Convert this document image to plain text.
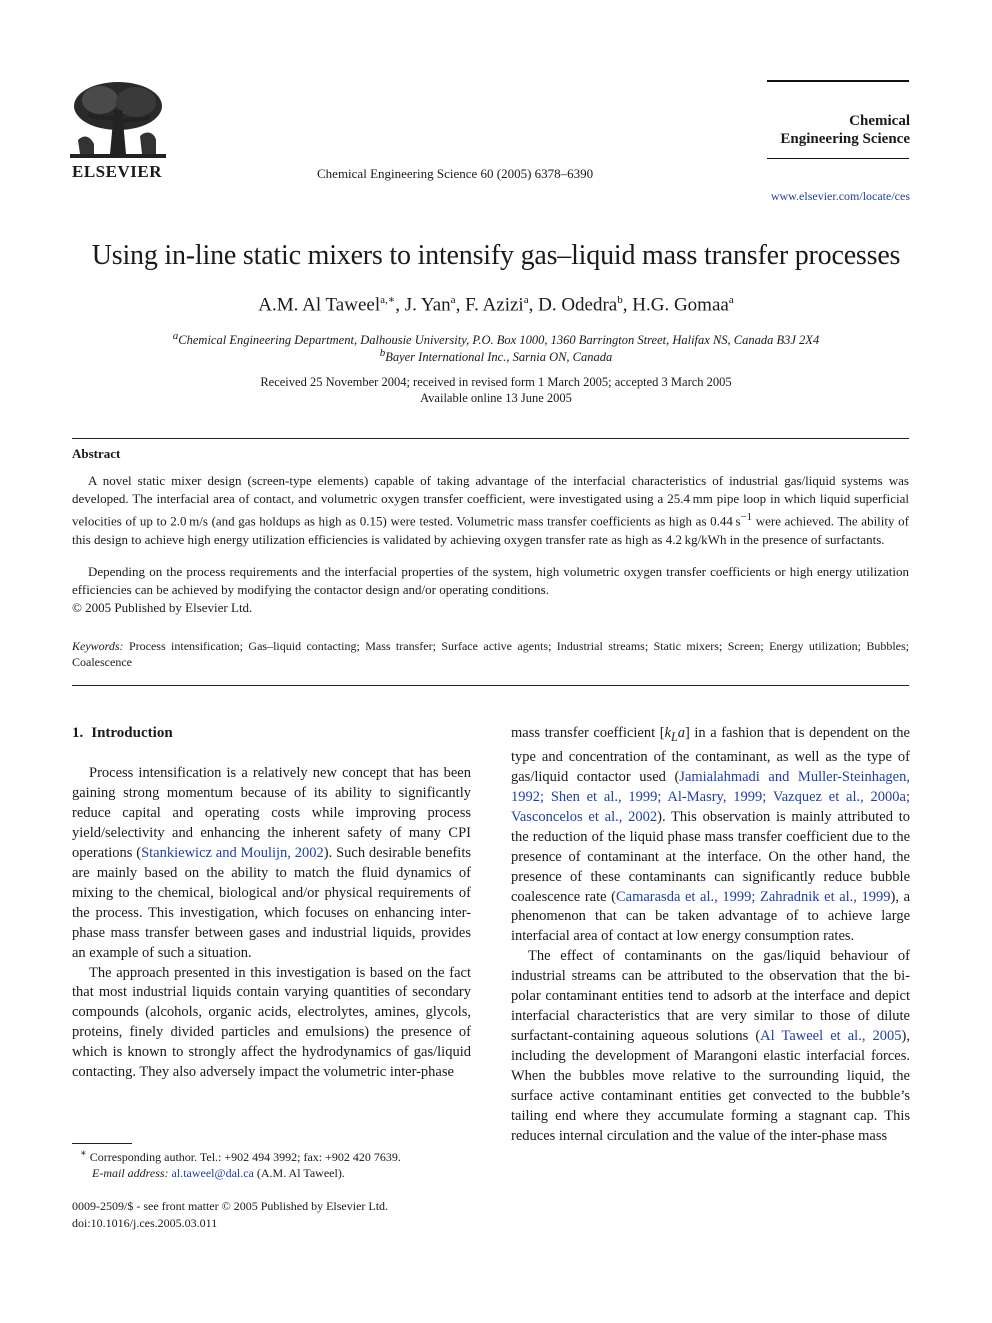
ELSEVIER	Chemical Engineering Science 60 (2005) 6378–6390
Chemical
Engineering Science
www.elsevier.com/locate/ces
Using in-line static mixers to intensify gas–liquid mass transfer processes
A.M. Al Taweel$^{a,∗}$, J. Yan$^a$, F. Azizi$^a$, D. Odedra$^b$, H.G. Gomaa$^a$
$^a$Chemical Engineering Department, Dalhousie University, P.O. Box 1000, 1360 Barrington Street, Halifax NS, Canada B3J 2X4
$^b$Bayer International Inc., Sarnia ON, Canada
Received 25 November 2004; received in revised form 1 March 2005; accepted 3 March 2005
Available online 13 June 2005
Abstract

A novel static mixer design (screen-type elements) capable of taking advantage of the interfacial characteristics of industrial gas/liquid systems was developed. The interfacial area of contact, and volumetric oxygen transfer coefficient, were investigated using a 25.4 mm pipe loop in which liquid superficial velocities of up to 2.0 m/s (and gas holdups as high as 0.15) were tested. Volumetric mass transfer coefficients as high as 0.44 $s^{-1}$ were achieved. The ability of this design to achieve high energy utilization efficiencies is validated by achieving oxygen transfer rate as high as 4.2 kg/kWh in the presence of surfactants.

Depending on the process requirements and the interfacial properties of the system, high volumetric oxygen transfer coefficients or high energy utilization efficiencies can be achieved by modifying the contactor design and/or operating conditions.

© 2005 Published by Elsevier Ltd.

Keywords: Process intensification; Gas–liquid contacting; Mass transfer; Surface active agents; Industrial streams; Static mixers; Screen; Energy utilization; Bubbles; Coalescence
1. Introduction

Process intensification is a relatively new concept that has been gaining strong momentum because of its ability to significantly reduce capital and operating costs while improving process yield/selectivity and enhancing the inherent safety of many CPI operations (Stankiewicz and Moulijn, 2002). Such desirable benefits are mainly based on the ability to match the fluid dynamics of mixing to the chemical, biological and/or physical requirements of the process. This investigation, which focuses on enhancing inter-phase mass transfer between gases and industrial liquids, provides an example of such a situation.

The approach presented in this investigation is based on the fact that most industrial liquids contain varying quantities of secondary compounds (alcohols, organic acids, electrolytes, amines, glycols, proteins, finely divided particles and emulsions) the presence of which is known to strongly affect the hydrodynamics of gas/liquid contacting. They also adversely impact the volumetric inter-phase

mass transfer coefficient $[k_La]$ in a fashion that is dependent on the type and concentration of the contaminant, as well as the type of gas/liquid contactor used (Jamialahmadi and Muller-Steinhagen, 1992; Shen et al., 1999; Al-Masry, 1999; Vazquez et al., 2000a; Vasconcelos et al., 2002). This observation is mainly attributed to the reduction of the liquid phase mass transfer coefficient due to the presence of contaminant at the interface. On the other hand, the presence of these contaminants can significantly reduce bubble coalescence rate (Camarasda et al., 1999; Zahradnik et al., 1999), a phenomenon that can be taken advantage of to achieve large interfacial area of contact at low energy consumption rates.

The effect of contaminants on the gas/liquid behaviour of industrial streams can be attributed to the observation that the bi-polar contaminant entities tend to adsorb at the interface and depict interfacial characteristics that are very similar to those of dilute surfactant-containing aqueous solutions (Al Taweel et al., 2005), including the development of Marangoni elastic interfacial forces. When the bubbles move relative to the surrounding liquid, the surface active contaminant entities get convected to the bubble’s tailing end where they accumulate forming a stagnant cap. This reduces internal circulation and the value of the inter-phase mass

∗ Corresponding author. Tel.: +902 494 3992; fax: +902 420 7639.
E-mail address: al.taweel@dal.ca (A.M. Al Taweel).
0009-2509/$ - see front matter © 2005 Published by Elsevier Ltd.
doi:10.1016/j.ces.2005.03.011
